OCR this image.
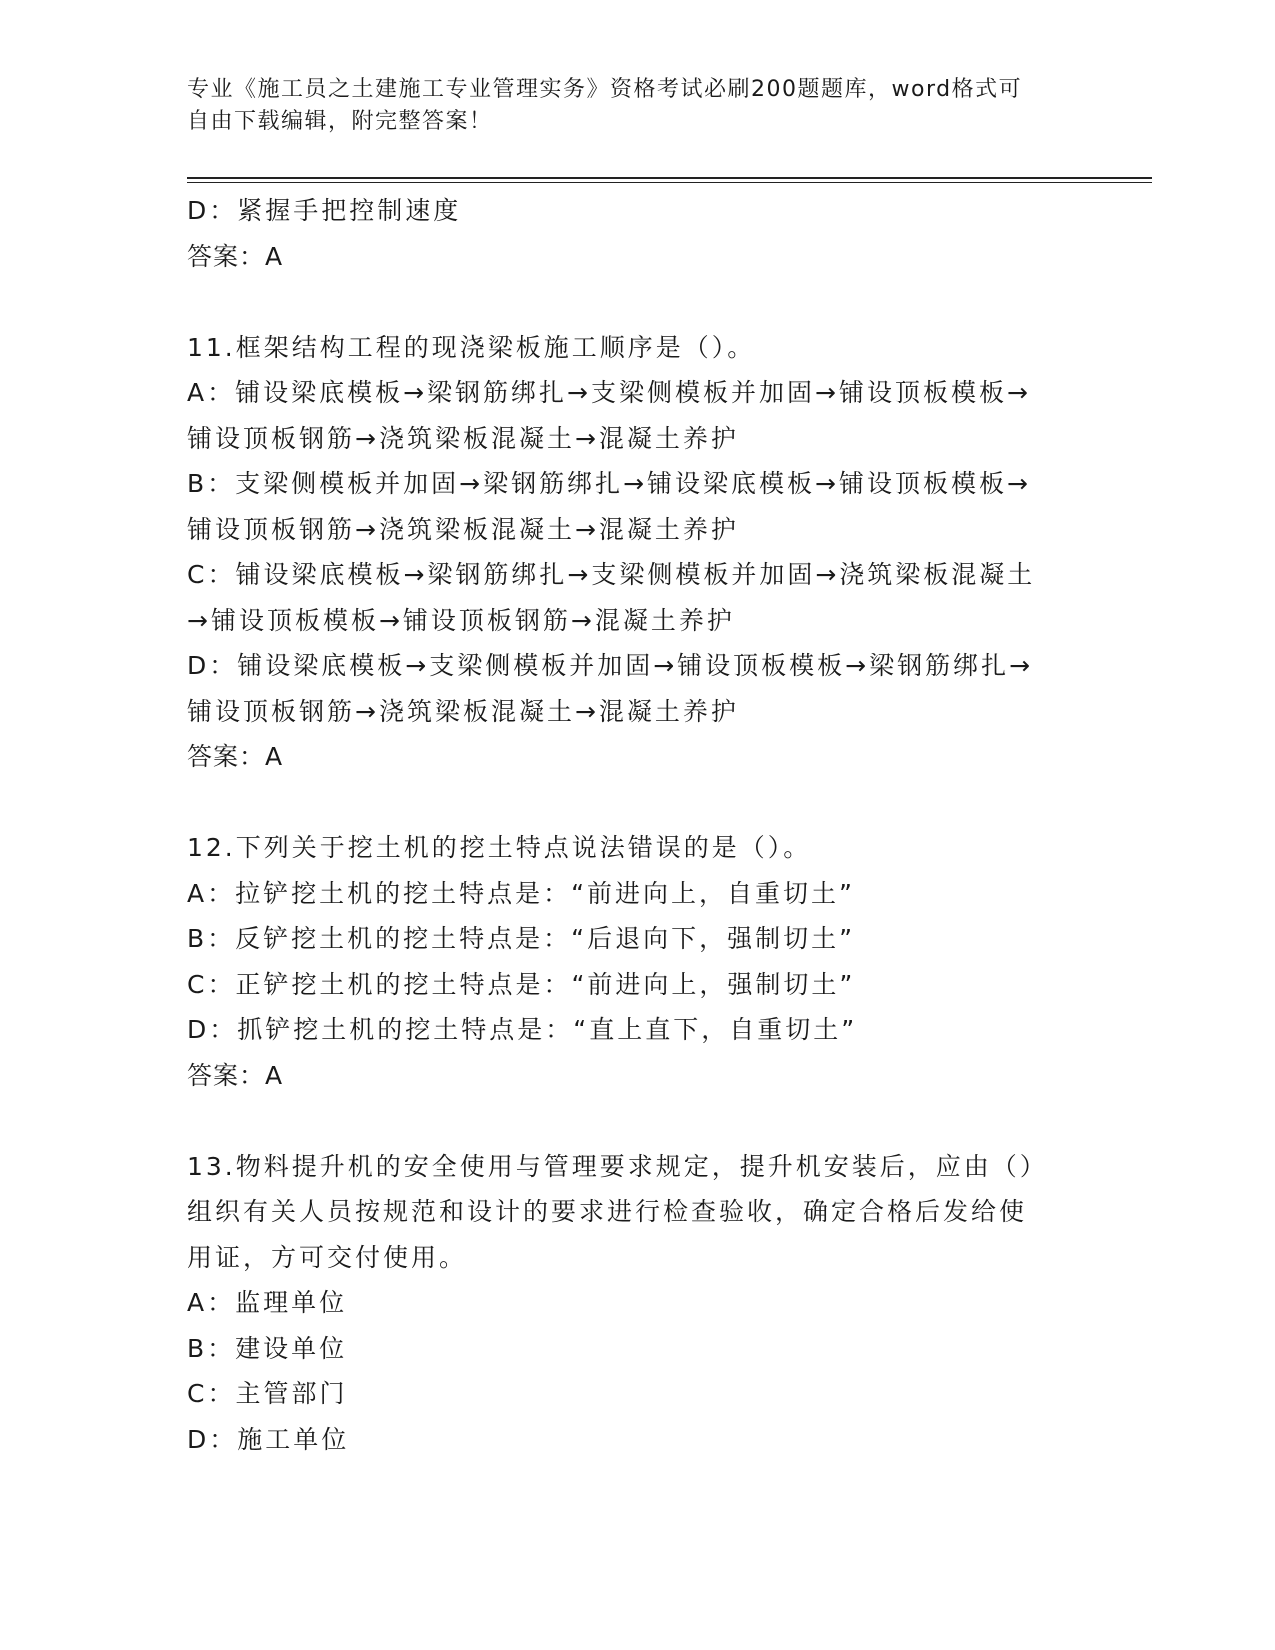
专业《施工员之土建施工专业管理实务》资格考试必刷200题题库，word格式可
自由下载编辑，附完整答案！
D：紧握手把控制速度
答案：A
11.框架结构工程的现浇梁板施工顺序是（）。
A：铺设梁底模板→梁钢筋绑扎→支梁侧模板并加固→铺设顶板模板→
铺设顶板钢筋→浇筑梁板混凝土→混凝土养护
B：支梁侧模板并加固→梁钢筋绑扎→铺设梁底模板→铺设顶板模板→
铺设顶板钢筋→浇筑梁板混凝土→混凝土养护
C：铺设梁底模板→梁钢筋绑扎→支梁侧模板并加固→浇筑梁板混凝土
→铺设顶板模板→铺设顶板钢筋→混凝土养护
D：铺设梁底模板→支梁侧模板并加固→铺设顶板模板→梁钢筋绑扎→
铺设顶板钢筋→浇筑梁板混凝土→混凝土养护
答案：A
12.下列关于挖土机的挖土特点说法错误的是（）。
A：拉铲挖土机的挖土特点是：“前进向上，自重切土”
B：反铲挖土机的挖土特点是：“后退向下，强制切土”
C：正铲挖土机的挖土特点是：“前进向上，强制切土”
D：抓铲挖土机的挖土特点是：“直上直下，自重切土”
答案：A
13.物料提升机的安全使用与管理要求规定，提升机安装后，应由（）
组织有关人员按规范和设计的要求进行检查验收，确定合格后发给使
用证，方可交付使用。
A：监理单位
B：建设单位
C：主管部门
D：施工单位
